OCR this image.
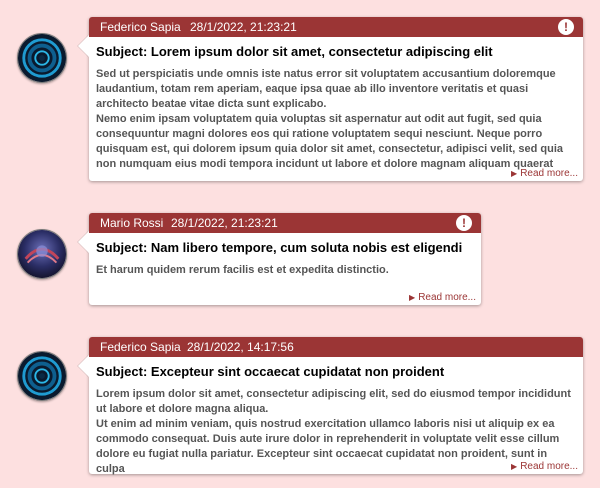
Federico Sapia 28/1/2022, 21:23:21	!
Subject: Lorem ipsum dolor sit amet, consectetur adipiscing elit

Sed ut perspiciatis unde omnis iste natus error sit voluptatem accusantium doloremque laudantium, totam rem aperiam, eaque ipsa quae ab illo inventore veritatis et quasi architecto beatae vitae dicta sunt explicabo.

Nemo enim ipsam voluptatem quia voluptas sit aspernatur aut odit aut fugit, sed quia consequuntur magni dolores eos qui ratione voluptatem sequi nesciunt. Neque porro quisquam est, qui dolorem ipsum quia dolor sit amet, consectetur, adipisci velit, sed quia non numquam eius modi tempora incidunt ut labore et dolore magnam aliquam quaerat

▶ Read more...
Mario Rossi 28/1/2022, 21:23:21	!
Subject: Nam libero tempore, cum soluta nobis est eligendi

Et harum quidem rerum facilis est et expedita distinctio.

▶ Read more...
Federico Sapia 28/1/2022, 14:17:56
Subject: Excepteur sint occaecat cupidatat non proident

Lorem ipsum dolor sit amet, consectetur adipiscing elit, sed do eiusmod tempor incididunt ut labore et dolore magna aliqua.

Ut enim ad minim veniam, quis nostrud exercitation ullamco laboris nisi ut aliquip ex ea commodo consequat. Duis aute irure dolor in reprehenderit in voluptate velit esse cillum dolore eu fugiat nulla pariatur. Excepteur sint occaecat cupidatat non proident, sunt in culpa	▶ Read more...
